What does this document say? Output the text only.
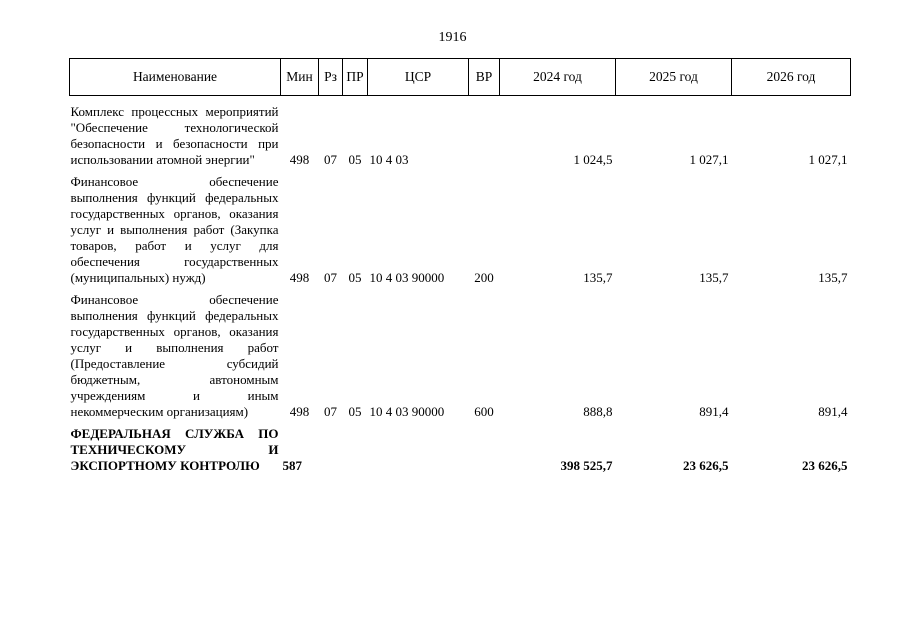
1916
Наименование	Мин	Рз	ПР	ЦСР	ВР	2024 год	2025 год	2026 год
Комплекс процессных мероприятий "Обеспечение технологической безопасности и безопасности при использовании атомной энергии"	498	07	05	10 4 03		1 024,5	1 027,1	1 027,1
Финансовое обеспечение выполнения функций федеральных государственных органов, оказания услуг и выполнения работ (Закупка товаров, работ и услуг для обеспечения государственных (муниципальных) нужд)	498	07	05	10 4 03 90000	200	135,7	135,7	135,7
Финансовое обеспечение выполнения функций федеральных государственных органов, оказания услуг и выполнения работ (Предоставление субсидий бюджетным, автономным учреждениям и иным некоммерческим организациям)	498	07	05	10 4 03 90000	600	888,8	891,4	891,4
ФЕДЕРАЛЬНАЯ СЛУЖБА ПО ТЕХНИЧЕСКОМУ И ЭКСПОРТНОМУ КОНТРОЛЮ	587					398 525,7	23 626,5	23 626,5
